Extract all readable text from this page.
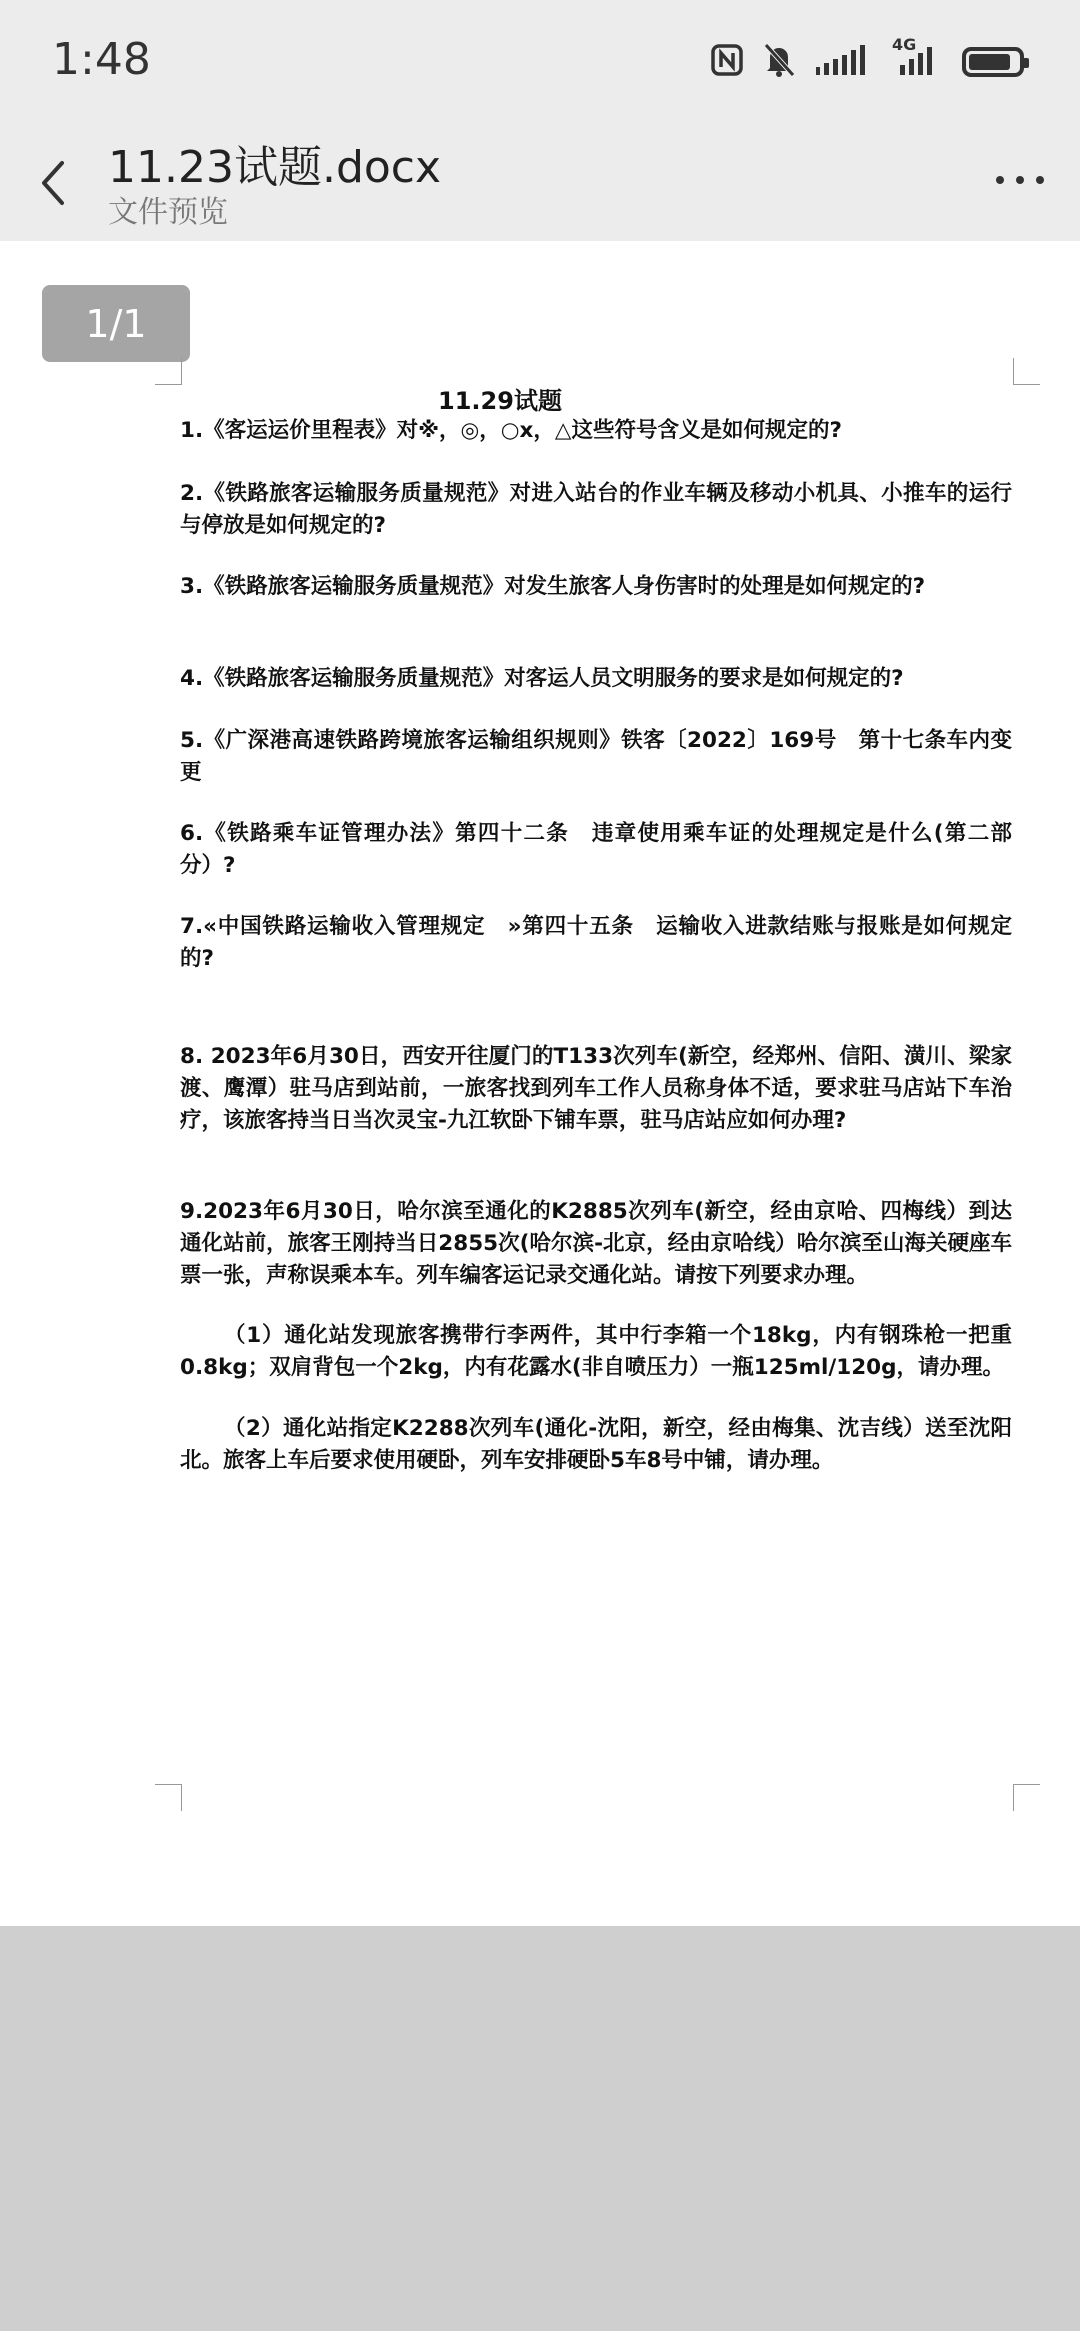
1:48	4G
11.23试题.docx
文件预览
1/1
11.29试题
1.《客运运价里程表》对※，◎，○x，△这些符号含义是如何规定的?
2.《铁路旅客运输服务质量规范》对进入站台的作业车辆及移动小机具、小推车的运行与停放是如何规定的?
3.《铁路旅客运输服务质量规范》对发生旅客人身伤害时的处理是如何规定的?
4.《铁路旅客运输服务质量规范》对客运人员文明服务的要求是如何规定的?
5.《广深港高速铁路跨境旅客运输组织规则》铁客〔2022〕169号　第十七条车内变更
6.《铁路乘车证管理办法》第四十二条　违章使用乘车证的处理规定是什么(第二部分）?
7.«中国铁路运输收入管理规定　»第四十五条　运输收入进款结账与报账是如何规定的?
8. 2023年6月30日，西安开往厦门的T133次列车(新空，经郑州、信阳、潢川、梁家渡、鹰潭）驻马店到站前，一旅客找到列车工作人员称身体不适，要求驻马店站下车治疗，该旅客持当日当次灵宝-九江软卧下铺车票，驻马店站应如何办理?
9.2023年6月30日，哈尔滨至通化的K2885次列车(新空，经由京哈、四梅线）到达通化站前，旅客王刚持当日2855次(哈尔滨-北京，经由京哈线）哈尔滨至山海关硬座车票一张，声称误乘本车。列车编客运记录交通化站。请按下列要求办理。
（1）通化站发现旅客携带行李两件，其中行李箱一个18kg，内有钢珠枪一把重0.8kg；双肩背包一个2kg，内有花露水(非自喷压力）一瓶125ml/120g，请办理。
（2）通化站指定K2288次列车(通化-沈阳，新空，经由梅集、沈吉线）送至沈阳北。旅客上车后要求使用硬卧，列车安排硬卧5车8号中铺，请办理。
